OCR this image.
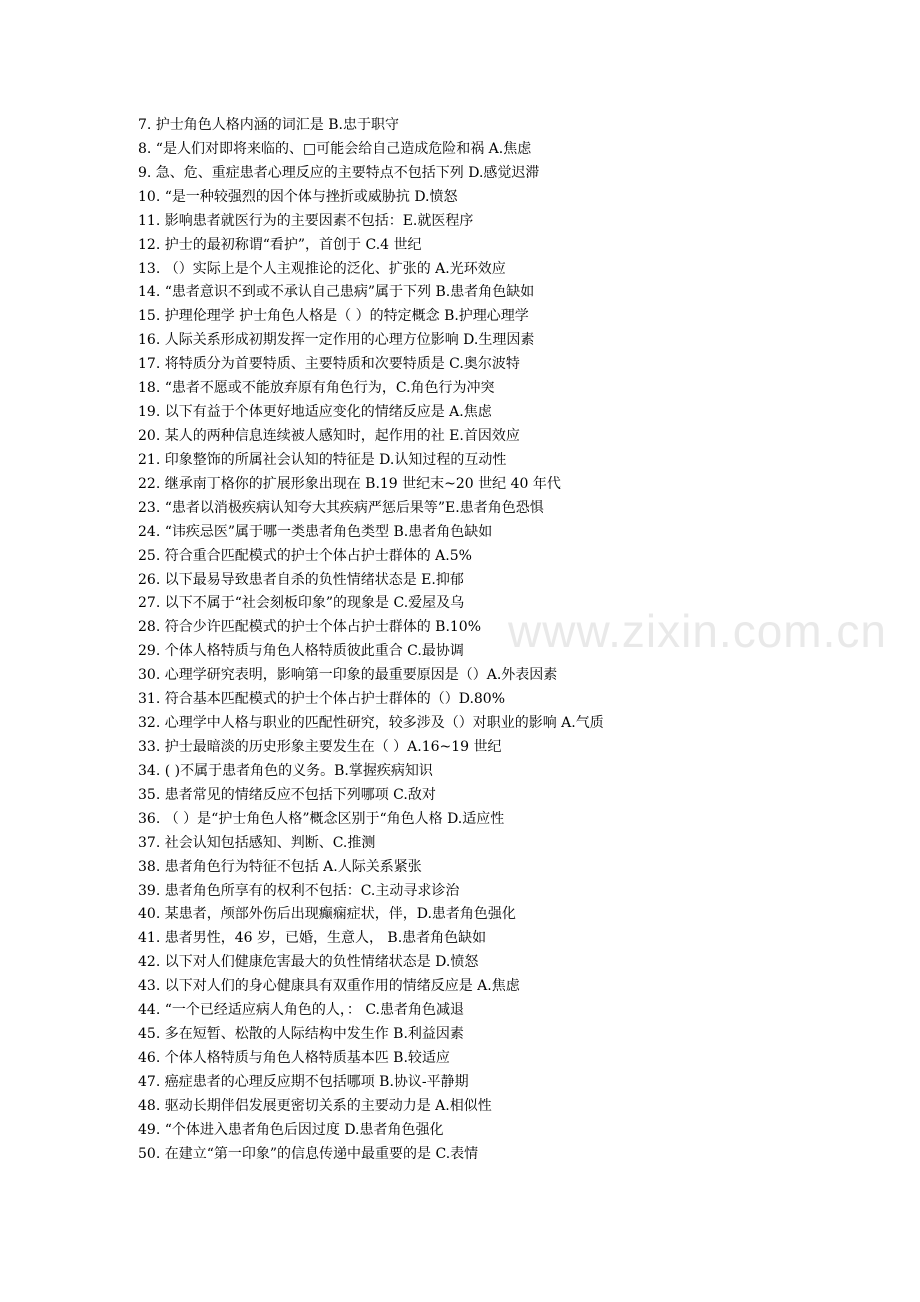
www.zixin.com.cn
7. 护士角色人格内涵的词汇是 B.忠于职守
8. “是人们对即将来临的、□可能会给自己造成危险和祸 A.焦虑
9. 急、危、重症患者心理反应的主要特点不包括下列 D.感觉迟滞
10. “是一种较强烈的因个体与挫折或威胁抗 D.愤怒
11. 影响患者就医行为的主要因素不包括：E.就医程序
12. 护士的最初称谓“看护”，首创于 C.4 世纪
13. （）实际上是个人主观推论的泛化、扩张的 A.光环效应
14. “患者意识不到或不承认自己患病”属于下列 B.患者角色缺如
15. 护理伦理学 护士角色人格是（ ）的特定概念 B.护理心理学
16. 人际关系形成初期发挥一定作用的心理方位影响 D.生理因素
17. 将特质分为首要特质、主要特质和次要特质是 C.奥尔波特
18. “患者不愿或不能放弃原有角色行为，C.角色行为冲突
19. 以下有益于个体更好地适应变化的情绪反应是 A.焦虑
20. 某人的两种信息连续被人感知时，起作用的社 E.首因效应
21. 印象整饰的所属社会认知的特征是 D.认知过程的互动性
22. 继承南丁格你的扩展形象出现在 B.19 世纪末~20 世纪 40 年代
23. “患者以消极疾病认知夸大其疾病严惩后果等”E.患者角色恐惧
24. “讳疾忌医”属于哪一类患者角色类型 B.患者角色缺如
25. 符合重合匹配模式的护士个体占护士群体的 A.5%
26. 以下最易导致患者自杀的负性情绪状态是 E.抑郁
27. 以下不属于“社会刻板印象”的现象是 C.爱屋及乌
28. 符合少许匹配模式的护士个体占护士群体的 B.10%
29. 个体人格特质与角色人格特质彼此重合 C.最协调
30. 心理学研究表明，影响第一印象的最重要原因是（）A.外表因素
31. 符合基本匹配模式的护士个体占护士群体的（）D.80%
32. 心理学中人格与职业的匹配性研究，较多涉及（）对职业的影响 A.气质
33. 护士最暗淡的历史形象主要发生在（ ）A.16~19 世纪
34. ( )不属于患者角色的义务。B.掌握疾病知识
35. 患者常见的情绪反应不包括下列哪项 C.敌对
36. （ ）是“护士角色人格”概念区别于“角色人格 D.适应性
37. 社会认知包括感知、判断、C.推测
38. 患者角色行为特征不包括 A.人际关系紧张
39. 患者角色所享有的权利不包括：C.主动寻求诊治
40. 某患者，颅部外伤后出现癫痫症状，伴，D.患者角色强化
41. 患者男性，46 岁，已婚，生意人， B.患者角色缺如
42. 以下对人们健康危害最大的负性情绪状态是 D.愤怒
43. 以下对人们的身心健康具有双重作用的情绪反应是 A.焦虑
44. “一个已经适应病人角色的人，： C.患者角色减退
45. 多在短暂、松散的人际结构中发生作 B.利益因素
46. 个体人格特质与角色人格特质基本匹 B.较适应
47. 癌症患者的心理反应期不包括哪项 B.协议-平静期
48. 驱动长期伴侣发展更密切关系的主要动力是 A.相似性
49. “个体进入患者角色后因过度 D.患者角色强化
50. 在建立“第一印象”的信息传递中最重要的是 C.表情
